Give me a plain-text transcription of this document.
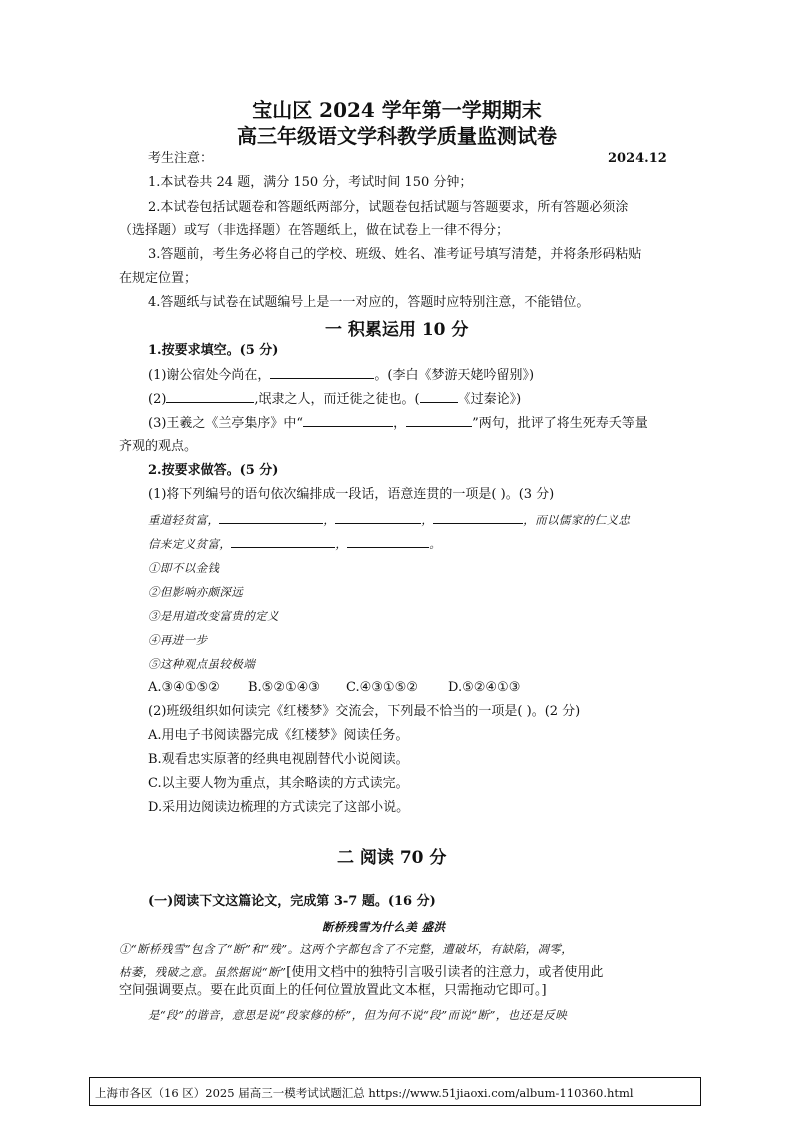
宝山区 2024 学年第一学期期末
高三年级语文学科教学质量监测试卷
考生注意：	2024.12
1.本试卷共 24 题，满分 150 分，考试时间 150 分钟；
2.本试卷包括试题卷和答题纸两部分，试题卷包括试题与答题要求，所有答题必须涂
（选择题）或写（非选择题）在答题纸上，做在试卷上一律不得分；
3.答题前，考生务必将自己的学校、班级、姓名、准考证号填写清楚，并将条形码粘贴
在规定位置；
4.答题纸与试卷在试题编号上是一一对应的，答题时应特别注意，不能错位。
一 积累运用 10 分
1.按要求填空。(5 分)
(1)谢公宿处今尚在，	。(李白《梦游天姥吟留别》)
(2)	,氓隶之人，而迁徙之徒也。(	《过秦论》)
(3)王羲之《兰亭集序》中“	，	”两句，批评了将生死寿夭等量
齐观的观点。
2.按要求做答。(5 分)
(1)将下列编号的语句依次编排成一段话，语意连贯的一项是( )。(3 分)
重道轻贫富，	，	，	，而以儒家的仁义忠
信来定义贫富，	，	。
①即不以金钱
②但影响亦颇深远
③是用道改变富贵的定义
④再进一步
⑤这种观点虽较极端
A.③④①⑤② B.⑤②①④③ C.④③①⑤② D.⑤②④①③
(2)班级组织如何读完《红楼梦》交流会，下列最不恰当的一项是( )。(2 分)
A.用电子书阅读器完成《红楼梦》阅读任务。
B.观看忠实原著的经典电视剧替代小说阅读。
C.以主要人物为重点，其余略读的方式读完。
D.采用边阅读边梳理的方式读完了这部小说。
二 阅读 70 分
(一)阅读下文这篇论文，完成第 3-7 题。(16 分)
断桥残雪为什么美 盛洪
①“断桥残雪”包含了“断”和“残”。这两个字都包含了不完整，遭破坏，有缺陷，凋零，
枯萎，残破之意。虽然据说“断”[使用文档中的独特引言吸引读者的注意力，或者使用此
空间强调要点。要在此页面上的任何位置放置此文本框，只需拖动它即可。]
是“段”的谐音，意思是说“段家修的桥”，但为何不说“段”而说“断”，也还是反映
上海市各区（16 区）2025 届高三一模考试试题汇总 https://www.51jiaoxi.com/album-110360.html
